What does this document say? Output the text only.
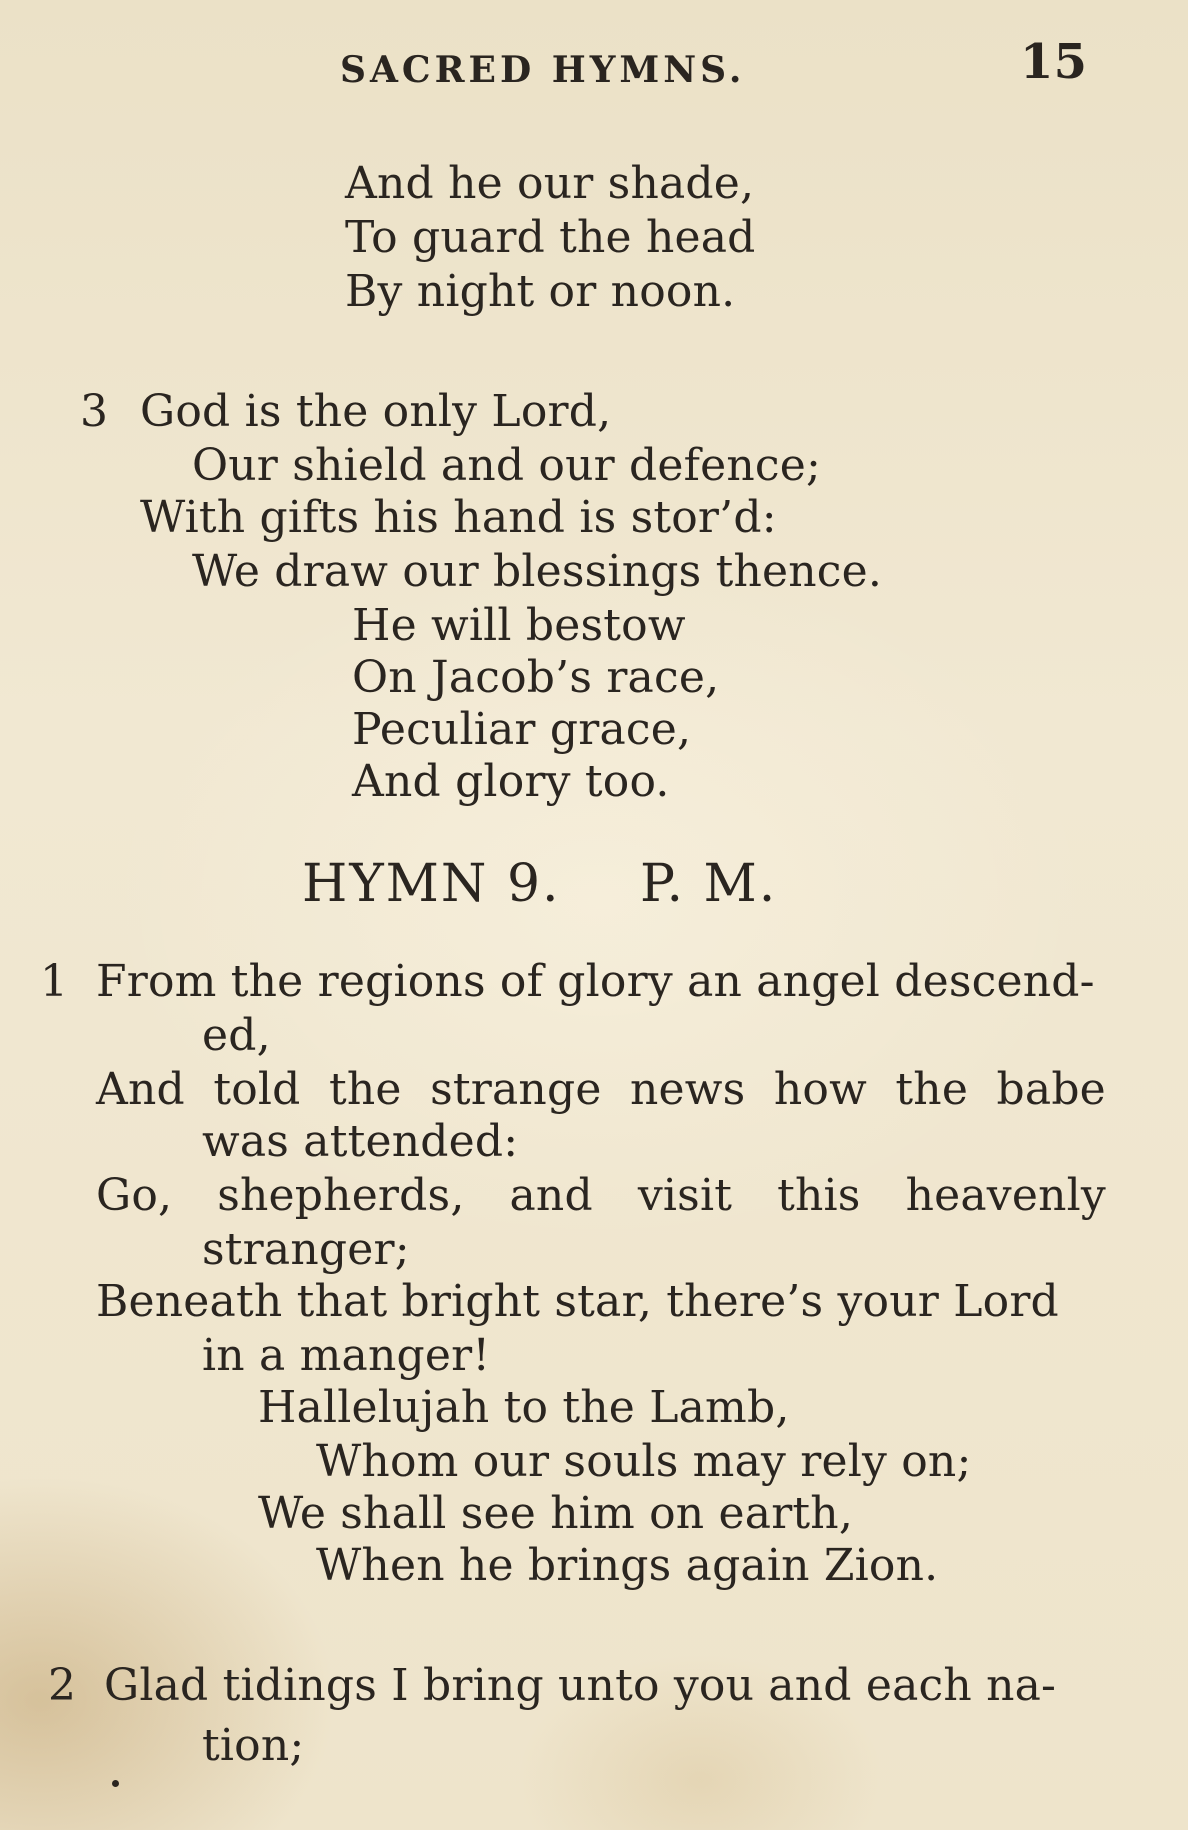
SACRED HYMNS.	15
And he our shade,
To guard the head
By night or noon.
3 God is the only Lord,
Our shield and our defence;
With gifts his hand is stor’d:
We draw our blessings thence.
He will bestow
On Jacob’s race,
Peculiar grace,
And glory too.
HYMN 9. P. M.
1 From the regions of glory an angel descend-
ed,
And told the strange news how the babe
was attended:
Go, shepherds, and visit this heavenly
stranger;
Beneath that bright star, there’s your Lord
in a manger!
Hallelujah to the Lamb,
Whom our souls may rely on;
We shall see him on earth,
When he brings again Zion.
2 Glad tidings I bring unto you and each na-
tion;
